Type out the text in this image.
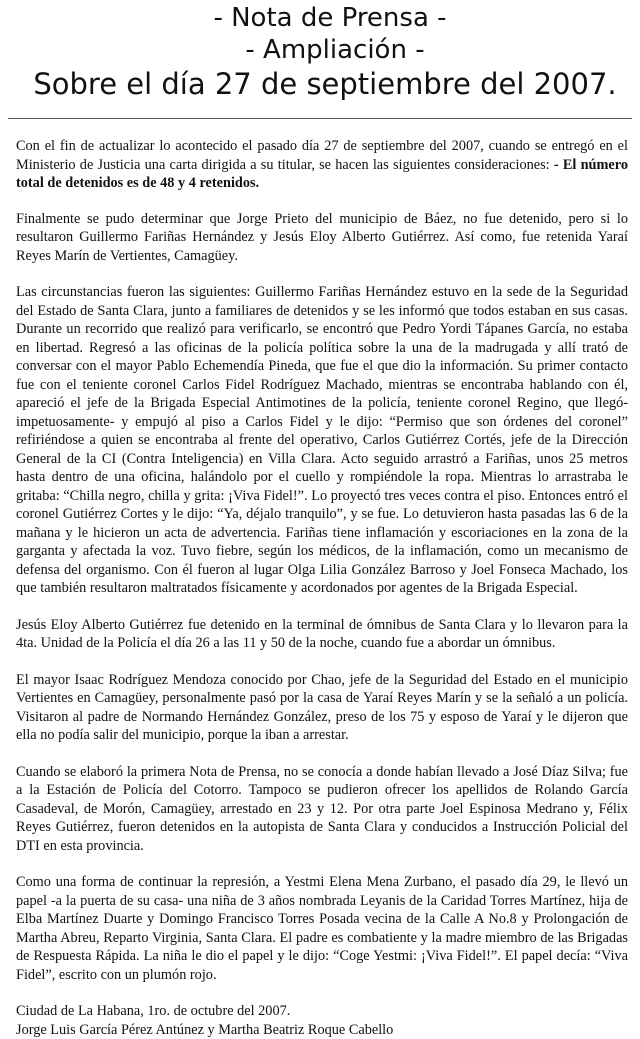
- Nota de Prensa -

- Ampliación -

Sobre el día 27 de septiembre del 2007.

Con el fin de actualizar lo acontecido el pasado día 27 de septiembre del 2007, cuando se entregó en el Ministerio de Justicia una carta dirigida a su titular, se hacen las siguientes consideraciones: - El número total de detenidos es de 48 y 4 retenidos.

Finalmente se pudo determinar que Jorge Prieto del municipio de Báez, no fue detenido, pero si lo resultaron Guillermo Fariñas Hernández y Jesús Eloy Alberto Gutiérrez. Así como, fue retenida Yaraí Reyes Marín de Vertientes, Camagüey.

Las circunstancias fueron las siguientes: Guillermo Fariñas Hernández estuvo en la sede de la Seguridad del Estado de Santa Clara, junto a familiares de detenidos y se les informó que todos estaban en sus casas. Durante un recorrido que realizó para verificarlo, se encontró que Pedro Yordi Tápanes García, no estaba en libertad. Regresó a las oficinas de la policía política sobre la una de la madrugada y allí trató de conversar con el mayor Pablo Echemendía Pineda, que fue el que dio la información. Su primer contacto fue con el teniente coronel Carlos Fidel Rodríguez Machado, mientras se encontraba hablando con él, apareció el jefe de la Brigada Especial Antimotines de la policía, teniente coronel Regino, que llegó- impetuosamente- y empujó al piso a Carlos Fidel y le dijo: “Permiso que son órdenes del coronel” refiriéndose a quien se encontraba al frente del operativo, Carlos Gutiérrez Cortés, jefe de la Dirección General de la CI (Contra Inteligencia) en Villa Clara. Acto seguido arrastró a Fariñas, unos 25 metros hasta dentro de una oficina, halándolo por el cuello y rompiéndole la ropa. Mientras lo arrastraba le gritaba: “Chilla negro, chilla y grita: ¡Viva Fidel!”. Lo proyectó tres veces contra el piso. Entonces entró el coronel Gutiérrez Cortes y le dijo: “Ya, déjalo tranquilo”, y se fue. Lo detuvieron hasta pasadas las 6 de la mañana y le hicieron un acta de advertencia. Fariñas tiene inflamación y escoriaciones en la zona de la garganta y afectada la voz. Tuvo fiebre, según los médicos, de la inflamación, como un mecanismo de defensa del organismo. Con él fueron al lugar Olga Lilia González Barroso y Joel Fonseca Machado, los que también resultaron maltratados físicamente y acordonados por agentes de la Brigada Especial.

Jesús Eloy Alberto Gutiérrez fue detenido en la terminal de ómnibus de Santa Clara y lo llevaron para la 4ta. Unidad de la Policía el día 26 a las 11 y 50 de la noche, cuando fue a abordar un ómnibus.

El mayor Isaac Rodríguez Mendoza conocido por Chao, jefe de la Seguridad del Estado en el municipio Vertientes en Camagüey, personalmente pasó por la casa de Yaraí Reyes Marín y se la señaló a un policía. Visitaron al padre de Normando Hernández González, preso de los 75 y esposo de Yaraí y le dijeron que ella no podía salir del municipio, porque la iban a arrestar.

Cuando se elaboró la primera Nota de Prensa, no se conocía a donde habían llevado a José Díaz Silva; fue a la Estación de Policía del Cotorro. Tampoco se pudieron ofrecer los apellidos de Rolando García Casadeval, de Morón, Camagüey, arrestado en 23 y 12. Por otra parte Joel Espinosa Medrano y, Félix Reyes Gutiérrez, fueron detenidos en la autopista de Santa Clara y conducidos a Instrucción Policial del DTI en esta provincia.

Como una forma de continuar la represión, a Yestmi Elena Mena Zurbano, el pasado día 29, le llevó un papel -a la puerta de su casa- una niña de 3 años nombrada Leyanis de la Caridad Torres Martínez, hija de Elba Martínez Duarte y Domingo Francisco Torres Posada vecina de la Calle A No.8 y Prolongación de Martha Abreu, Reparto Virginia, Santa Clara. El padre es combatiente y la madre miembro de las Brigadas de Respuesta Rápida. La niña le dio el papel y le dijo: “Coge Yestmi: ¡Viva Fidel!”. El papel decía: “Viva Fidel”, escrito con un plumón rojo.

Ciudad de La Habana, 1ro. de octubre del 2007.
Jorge Luis García Pérez Antúnez y Martha Beatriz Roque Cabello
